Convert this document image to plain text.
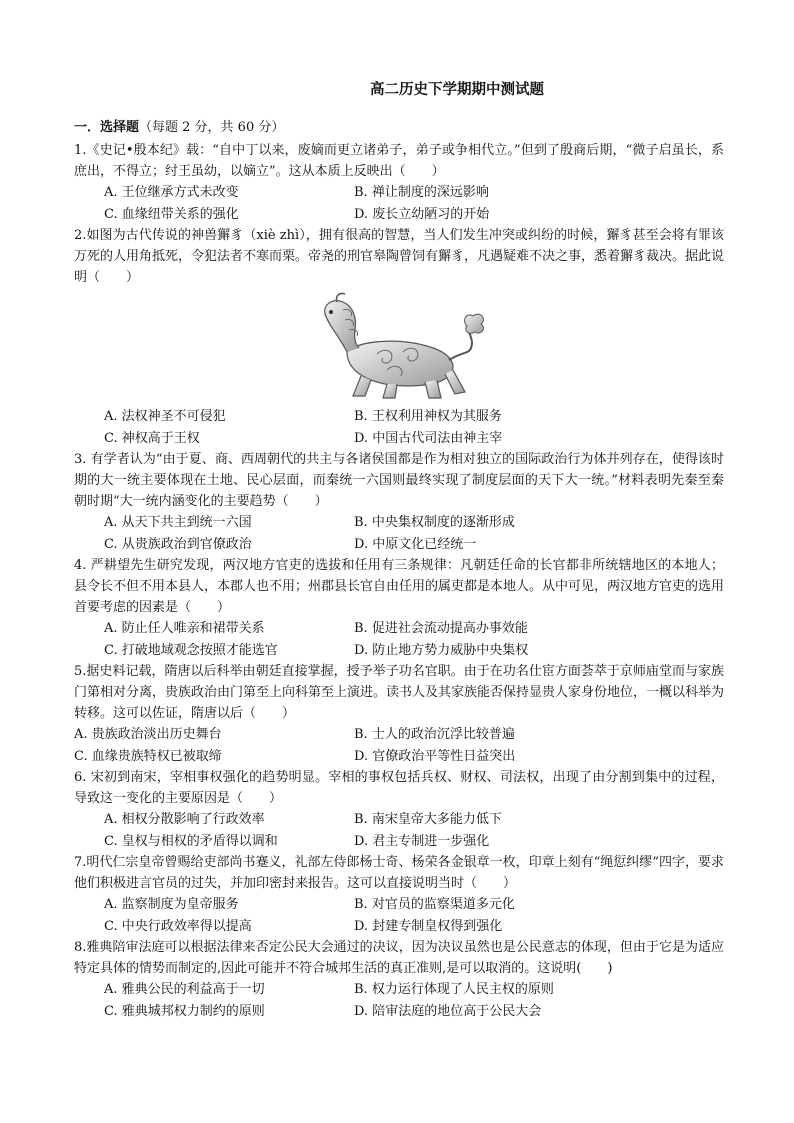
高二历史下学期期中测试题
一．选择题（每题 2 分，共 60 分）
1.《史记•殷本纪》载：“自中丁以来，废嫡而更立诸弟子，弟子或争相代立。”但到了殷商后期，“微子启虽长，系庶出，不得立；纣王虽幼，以嫡立”。这从本质上反映出（　　）
A. 王位继承方式未改变	B. 禅让制度的深远影响
C. 血缘纽带关系的强化	D. 废长立幼陋习的开始
2.如图为古代传说的神兽獬豸（xiè zhì），拥有很高的智慧，当人们发生冲突或纠纷的时候，獬豸甚至会将有罪该万死的人用角抵死，令犯法者不寒而栗。帝尧的刑官皋陶曾饲有獬豸，凡遇疑难不决之事，悉着獬豸裁决。据此说明（　　）
A. 法权神圣不可侵犯	B. 王权利用神权为其服务
C. 神权高于王权	D. 中国古代司法由神主宰
3. 有学者认为“由于夏、商、西周朝代的共主与各诸侯国都是作为相对独立的国际政治行为体并列存在，使得该时期的大一统主要体现在土地、民心层面，而秦统一六国则最终实现了制度层面的天下大一统。”材料表明先秦至秦朝时期“大一统内涵变化的主要趋势（　　）
A. 从天下共主到统一六国	B. 中央集权制度的逐渐形成
C. 从贵族政治到官僚政治	D. 中原文化已经统一
4. 严耕望先生研究发现，两汉地方官吏的选拔和任用有三条规律：凡朝廷任命的长官都非所统辖地区的本地人；县令长不但不用本县人，本郡人也不用；州郡县长官自由任用的属吏都是本地人。从中可见，两汉地方官吏的选用首要考虑的因素是（　　）
A. 防止任人唯亲和裙带关系	B. 促进社会流动提高办事效能
C. 打破地域观念按照才能选官	D. 防止地方势力威胁中央集权
5.据史料记载，隋唐以后科举由朝廷直接掌握，授予举子功名官职。由于在功名仕宦方面荟萃于京师庙堂而与家族门第相对分离，贵族政治由门第至上向科第至上演进。读书人及其家族能否保持显贵人家身份地位，一概以科举为转移。这可以佐证，隋唐以后（　　）
A. 贵族政治淡出历史舞台	B. 士人的政治沉浮比较普遍
C. 血缘贵族特权已被取缔	D. 官僚政治平等性日益突出
6. 宋初到南宋，宰相事权强化的趋势明显。宰相的事权包括兵权、财权、司法权，出现了由分割到集中的过程，导致这一变化的主要原因是（　　）
A. 相权分散影响了行政效率	B. 南宋皇帝大多能力低下
C. 皇权与相权的矛盾得以调和	D. 君主专制进一步强化
7.明代仁宗皇帝曾赐给吏部尚书蹇义，礼部左侍郎杨士奇、杨荣各金银章一枚，印章上刻有“绳愆纠缪”四字，要求他们积极进言官员的过失，并加印密封来报告。这可以直接说明当时（　　）
A. 监察制度为皇帝服务	B. 对官员的监察渠道多元化
C. 中央行政效率得以提高	D. 封建专制皇权得到强化
8.雅典陪审法庭可以根据法律来否定公民大会通过的决议，因为决议虽然也是公民意志的体现，但由于它是为适应特定具体的情势而制定的,因此可能并不符合城邦生活的真正准则,是可以取消的。这说明(　　)
A. 雅典公民的利益高于一切	B. 权力运行体现了人民主权的原则
C. 雅典城邦权力制约的原则	D. 陪审法庭的地位高于公民大会
